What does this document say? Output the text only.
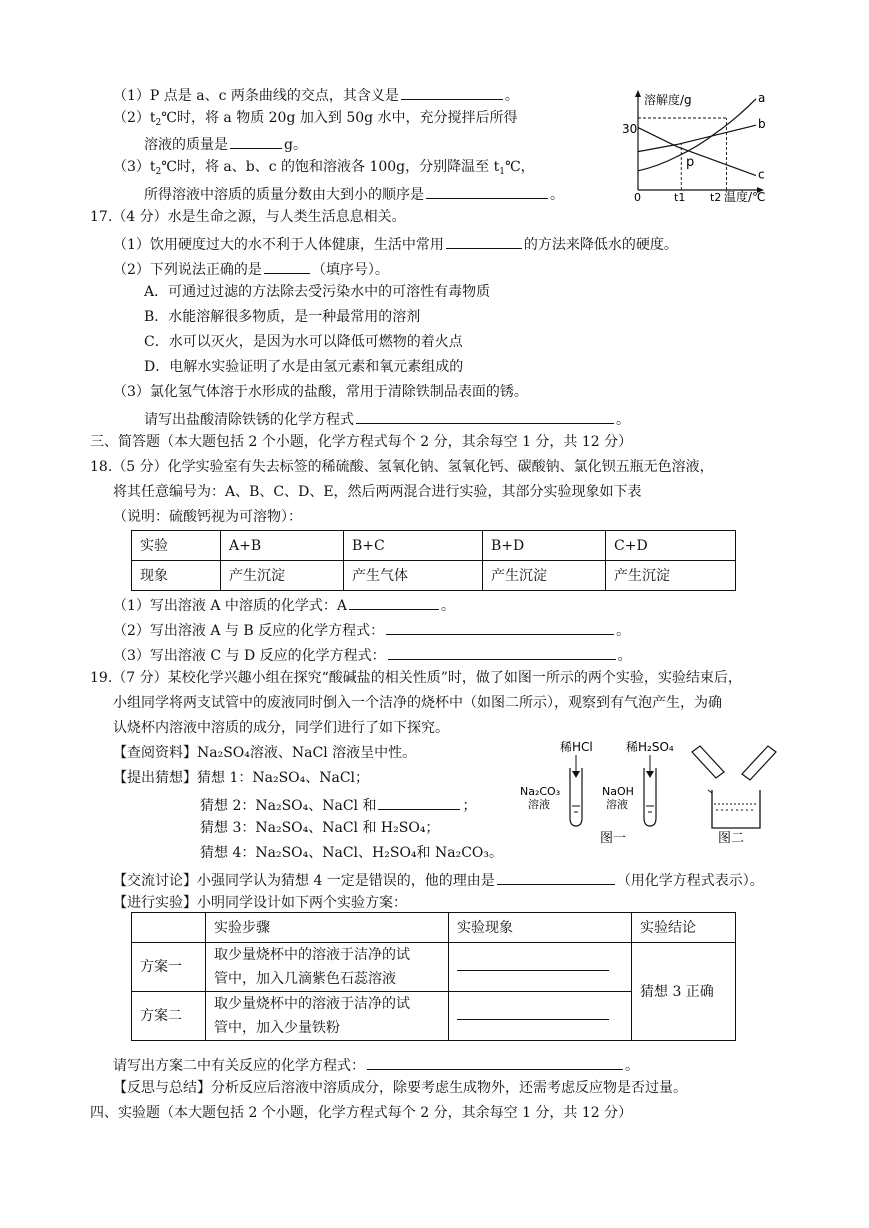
（1）P 点是 a、c 两条曲线的交点，其含义是	。
$(2)t_2℃$时，将 a 物质 20g 加入到 50g 水中，充分搅拌后所得
溶液的质量是	g。
$(3)t_2℃$时，将 a、b、c 的饱和溶液各 100g，分别降温至 $t_1℃$，
所得溶液中溶质的质量分数由大到小的顺序是	。
a
b
c
溶解度/g
30
0	t1 t2 温度/℃
p
17.（4 分）水是生命之源，与人类生活息息相关。
（1）饮用硬度过大的水不利于人体健康，生活中常用	的方法来降低水的硬度。
（2）下列说法正确的是	（填序号）。
A．可通过过滤的方法除去受污染水中的可溶性有毒物质
B．水能溶解很多物质，是一种最常用的溶剂
C．水可以灭火，是因为水可以降低可燃物的着火点
D．电解水实验证明了水是由氢元素和氧元素组成的
（3）氯化氢气体溶于水形成的盐酸，常用于清除铁制品表面的锈。
请写出盐酸清除铁锈的化学方程式	。
三、简答题（本大题包括 2 个小题，化学方程式每个 2 分，其余每空 1 分，共 12 分）
18.（5 分）化学实验室有失去标签的稀硫酸、氢氧化钠、氢氧化钙、碳酸钠、氯化钡五瓶无色溶液，
将其任意编号为：A、B、C、D、E，然后两两混合进行实验，其部分实验现象如下表
（说明：硫酸钙视为可溶物）：
实验	A+B	B+C	B+D	C+D
现象	产生沉淀	产生气体	产生沉淀	产生沉淀
（1）写出溶液 A 中溶质的化学式：A	。
（2）写出溶液 A 与 B 反应的化学方程式：	。
（3）写出溶液 C 与 D 反应的化学方程式：	。
19.（7 分）某校化学兴趣小组在探究“酸碱盐的相关性质”时，做了如图一所示的两个实验，实验结束后，
小组同学将两支试管中的废液同时倒入一个洁净的烧杯中（如图二所示），观察到有气泡产生，为确
认烧杯内溶液中溶质的成分，同学们进行了如下探究。
【查阅资料】Na₂SO₄溶液、NaCl 溶液呈中性。
【提出猜想】猜想 1：Na₂SO₄、NaCl；
猜想 2：Na₂SO₄、NaCl 和	；
猜想 3：Na₂SO₄、NaCl 和 H₂SO₄；
猜想 4：Na₂SO₄、NaCl、H₂SO₄和 Na₂CO₃。
【交流讨论】小强同学认为猜想 4 一定是错误的，他的理由是	（用化学方程式表示）。
【进行实验】小明同学设计如下两个实验方案：
稀HCl
Na₂CO₃
溶液
稀H₂SO₄
NaOH
溶液
图一	图二
	实验步骤	实验现象	实验结论
方案一	取少量烧杯中的溶液于洁净的试
管中，加入几滴紫色石蕊溶液		猜想 3 正确
方案二	取少量烧杯中的溶液于洁净的试
管中，加入少量铁粉		

请写出方案二中有关反应的化学方程式：	。
【反思与总结】分析反应后溶液中溶质成分，除要考虑生成物外，还需考虑反应物是否过量。
四、实验题（本大题包括 2 个小题，化学方程式每个 2 分，其余每空 1 分，共 12 分）
